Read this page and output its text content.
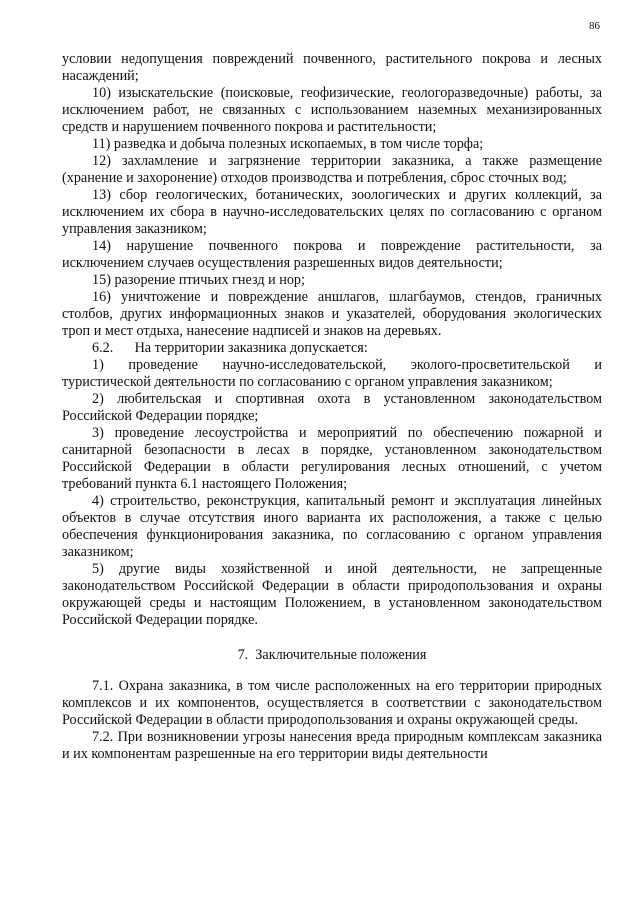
86

условии недопущения повреждений почвенного, растительного покрова и лесных насаждений;

10) изыскательские (поисковые, геофизические, геологоразведочные) работы, за исключением работ, не связанных с использованием наземных механизированных средств и нарушением почвенного покрова и растительности;

11) разведка и добыча полезных ископаемых, в том числе торфа;

12) захламление и загрязнение территории заказника, а также размещение (хранение и захоронение) отходов производства и потребления, сброс сточных вод;

13) сбор геологических, ботанических, зоологических и других коллекций, за исключением их сбора в научно-исследовательских целях по согласованию с органом управления заказником;

14) нарушение почвенного покрова и повреждение растительности, за исключением случаев осуществления разрешенных видов деятельности;

15) разорение птичьих гнезд и нор;

16) уничтожение и повреждение аншлагов, шлагбаумов, стендов, граничных столбов, других информационных знаков и указателей, оборудования экологических троп и мест отдыха, нанесение надписей и знаков на деревьях.

6.2.      На территории заказника допускается:

1) проведение научно-исследовательской, эколого-просветительской и туристической деятельности по согласованию с органом управления заказником;

2) любительская и спортивная охота в установленном законодательством Российской Федерации порядке;

3) проведение лесоустройства и мероприятий по обеспечению пожарной и санитарной безопасности в лесах в порядке, установленном законодательством Российской Федерации в области регулирования лесных отношений, с учетом требований пункта 6.1 настоящего Положения;

4) строительство, реконструкция, капитальный ремонт и эксплуатация линейных объектов в случае отсутствия иного варианта их расположения, а также с целью обеспечения функционирования заказника, по согласованию с органом управления заказником;

5) другие виды хозяйственной и иной деятельности, не запрещенные законодательством Российской Федерации в области природопользования и охраны окружающей среды и настоящим Положением, в установленном законодательством Российской Федерации порядке.

7.  Заключительные положения

7.1. Охрана заказника, в том числе расположенных на его территории природных комплексов и их компонентов, осуществляется в соответствии с законодательством Российской Федерации в области природопользования и охраны окружающей среды.

7.2. При возникновении угрозы нанесения вреда природным комплексам заказника и их компонентам разрешенные на его территории виды деятельности
